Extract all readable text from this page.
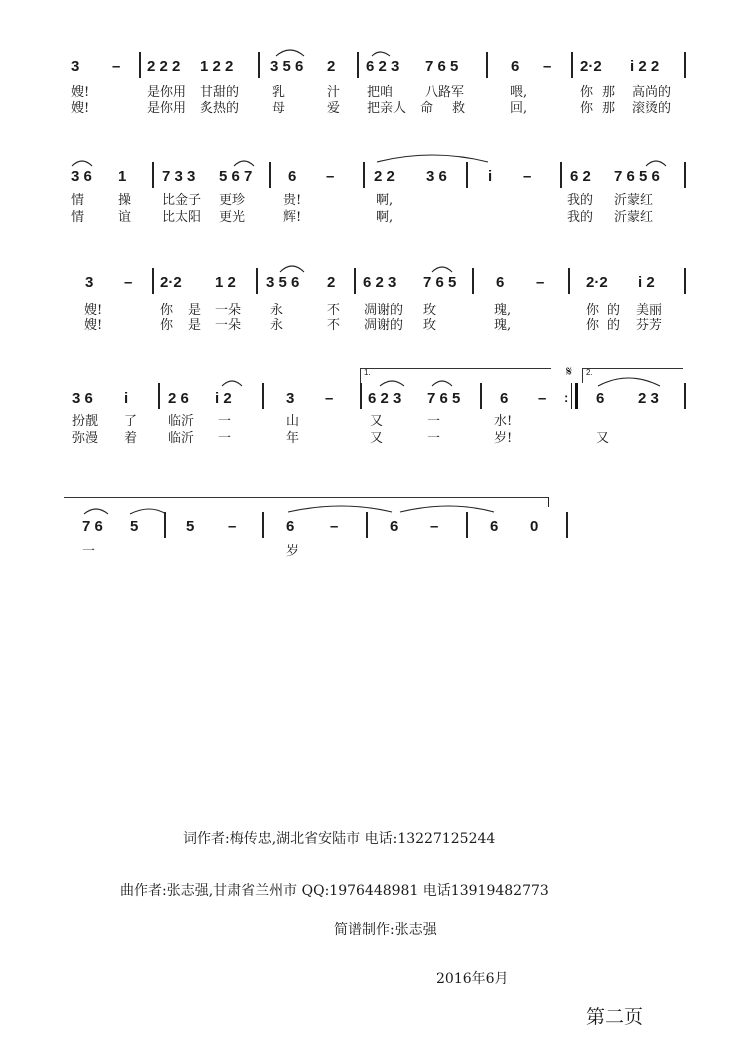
3 – 2 2 2 1 2 2 3 5 6 2 6 2 3 7 6 5	6 – 2·2 i 2 2
嫂!	是你用 甘甜的	乳	汁 把咱 八路军	喂,	你 那 高尚的
嫂!	是你用 炙热的	母	爱 把亲人 命 救	回,	你 那 滚烫的
3 6 1 7 3 3 5 6 7 6 –	2 2 3 6	i –	6 2 7 6 5 6
情	操 比金子 更珍	贵!	啊,	我的 沂蒙红
情	谊 比太阳 更光	辉!	啊,	我的 沂蒙红
3 – 2·2 1 2 3 5 6 2 6 2 3 7 6 5	6 –	2·2 i 2
嫂!	你 是 一朵 永	不 凋谢的 玫	瑰,	你 的 美丽
嫂!	你 是 一朵 永	不 凋谢的 玫	瑰,	你 的 芬芳
1.	2.
𝄋
3 6 i	2 6 i 2	3 – 6 2 3 7 6 5	6 – : 6 2 3
扮靓 了 临沂 一	山	又	一	水!
弥漫 着 临沂 一	年	又	一	岁!	又
7 6 5	5 –	6 –	6 –	6 0
一	岁
词作者:梅传忠,湖北省安陆市 电话:13227125244
曲作者:张志强,甘肃省兰州市 QQ:1976448981 电话13919482773
简谱制作:张志强
2016年6月
第二页
